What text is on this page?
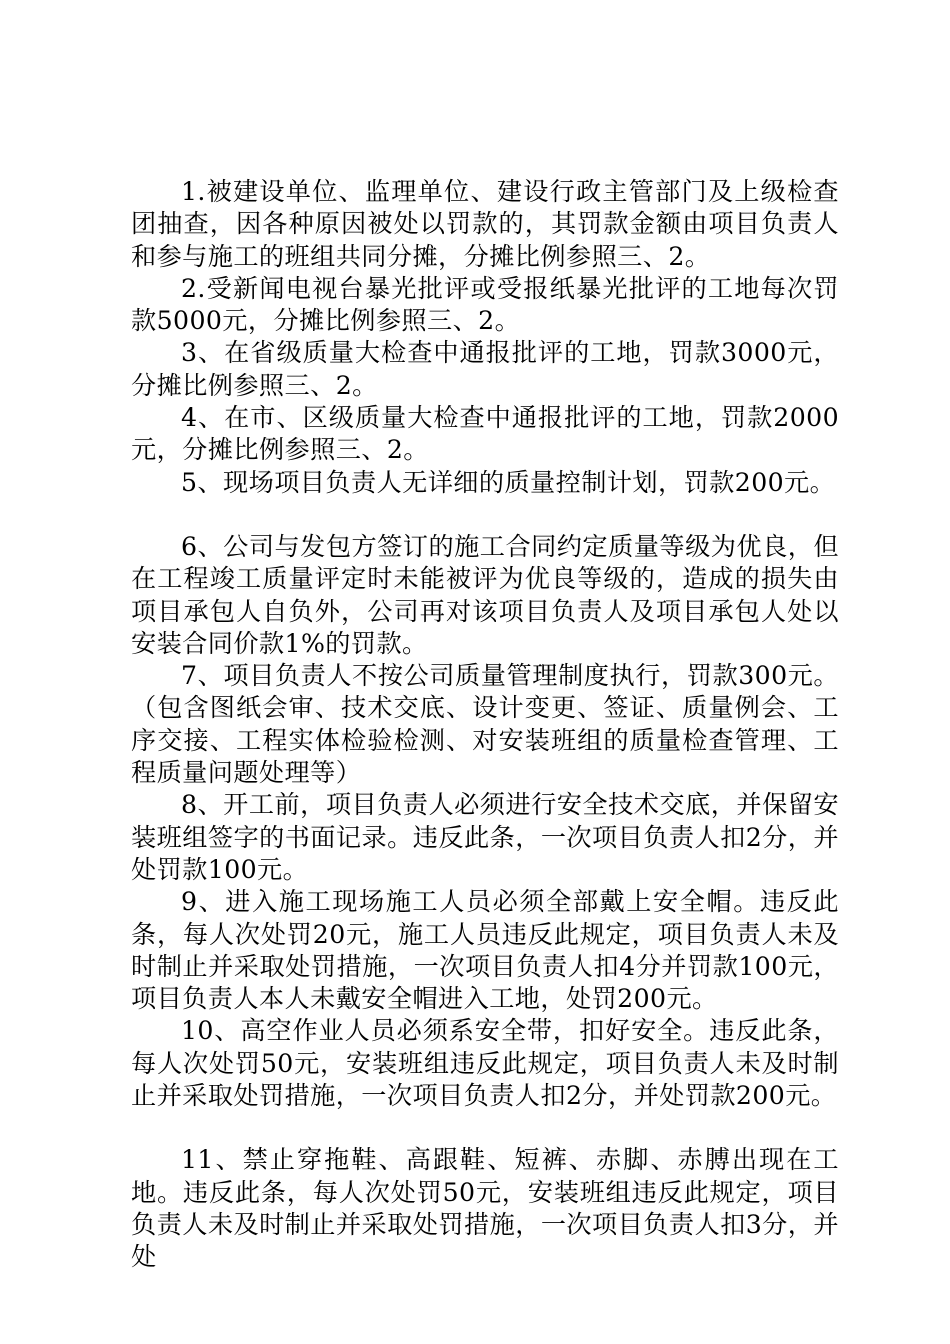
1.被建设单位、监理单位、建设行政主管部门及上级检查团抽查，因各种原因被处以罚款的，其罚款金额由项目负责人和参与施工的班组共同分摊，分摊比例参照三、2。

2.受新闻电视台暴光批评或受报纸暴光批评的工地每次罚款5000元，分摊比例参照三、2。

3、在省级质量大检查中通报批评的工地，罚款3000元，分摊比例参照三、2。

4、在市、区级质量大检查中通报批评的工地，罚款2000元，分摊比例参照三、2。

5、现场项目负责人无详细的质量控制计划，罚款200元。

6、公司与发包方签订的施工合同约定质量等级为优良，但在工程竣工质量评定时未能被评为优良等级的，造成的损失由项目承包人自负外，公司再对该项目负责人及项目承包人处以安装合同价款1%的罚款。

7、项目负责人不按公司质量管理制度执行，罚款300元。（包含图纸会审、技术交底、设计变更、签证、质量例会、工序交接、工程实体检验检测、对安装班组的质量检查管理、工程质量问题处理等）

8、开工前，项目负责人必须进行安全技术交底，并保留安装班组签字的书面记录。违反此条，一次项目负责人扣2分，并处罚款100元。

9、进入施工现场施工人员必须全部戴上安全帽。违反此条，每人次处罚20元，施工人员违反此规定，项目负责人未及时制止并采取处罚措施，一次项目负责人扣4分并罚款100元，项目负责人本人未戴安全帽进入工地，处罚200元。

10、高空作业人员必须系安全带，扣好安全。违反此条，每人次处罚50元，安装班组违反此规定，项目负责人未及时制止并采取处罚措施，一次项目负责人扣2分，并处罚款200元。

11、禁止穿拖鞋、高跟鞋、短裤、赤脚、赤膊出现在工地。违反此条，每人次处罚50元，安装班组违反此规定，项目负责人未及时制止并采取处罚措施，一次项目负责人扣3分，并处
